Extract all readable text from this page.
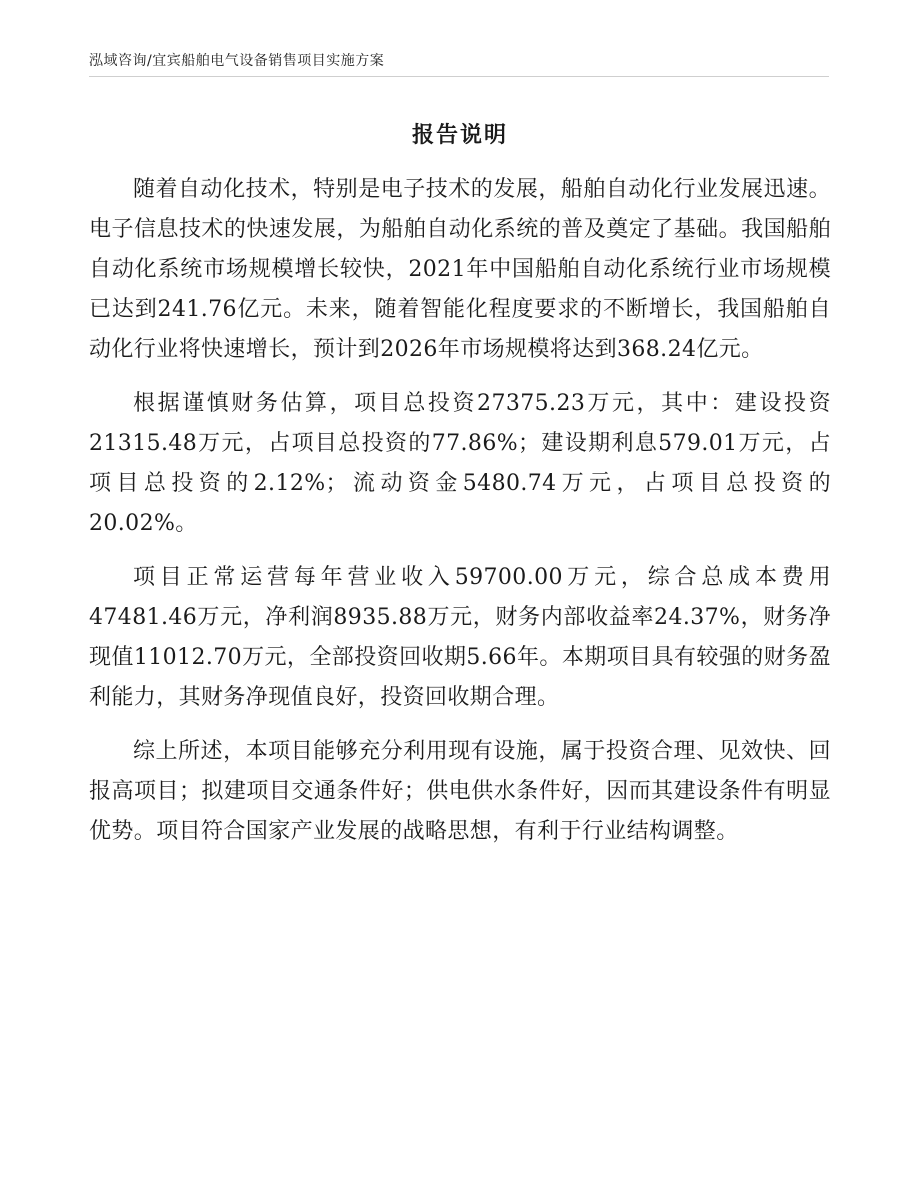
泓域咨询/宜宾船舶电气设备销售项目实施方案
报告说明

随着自动化技术，特别是电子技术的发展，船舶自动化行业发展迅速。电子信息技术的快速发展，为船舶自动化系统的普及奠定了基础。我国船舶自动化系统市场规模增长较快，2021年中国船舶自动化系统行业市场规模已达到241.76亿元。未来，随着智能化程度要求的不断增长，我国船舶自动化行业将快速增长，预计到2026年市场规模将达到368.24亿元。

根据谨慎财务估算，项目总投资27375.23万元，其中：建设投资21315.48万元，占项目总投资的77.86%；建设期利息579.01万元，占项目总投资的2.12%；流动资金5480.74万元，占项目总投资的20.02%。

项目正常运营每年营业收入59700.00万元，综合总成本费用47481.46万元，净利润8935.88万元，财务内部收益率24.37%，财务净现值11012.70万元，全部投资回收期5.66年。本期项目具有较强的财务盈利能力，其财务净现值良好，投资回收期合理。

综上所述，本项目能够充分利用现有设施，属于投资合理、见效快、回报高项目；拟建项目交通条件好；供电供水条件好，因而其建设条件有明显优势。项目符合国家产业发展的战略思想，有利于行业结构调整。
